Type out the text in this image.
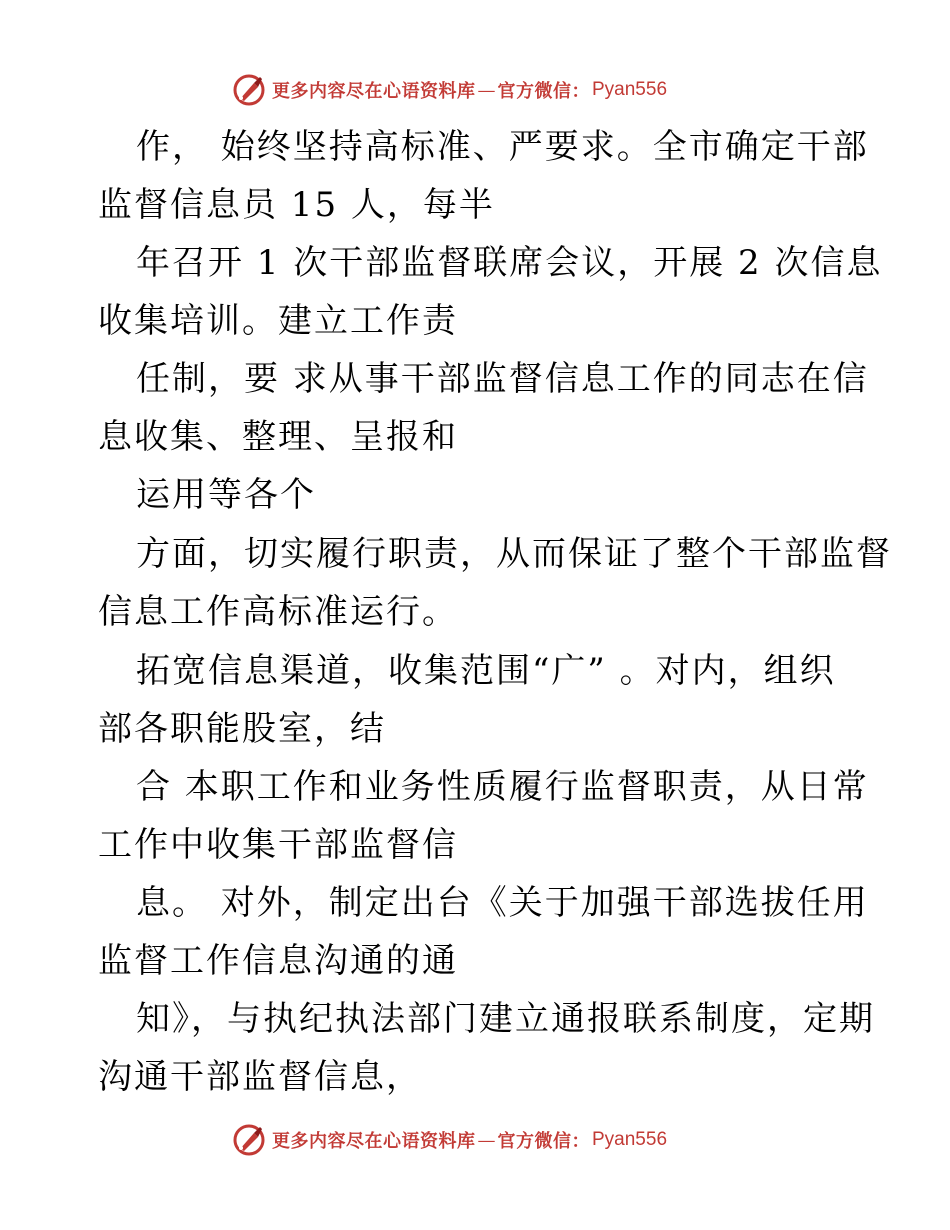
更多内容尽在心语资料库 — 官方微信： Pyan556
作， 始终坚持高标准、严要求。全市确定干部
监督信息员 15 人，每半
年召开 1 次干部监督联席会议，开展 2 次信息
收集培训。建立工作责
任制，要 求从事干部监督信息工作的同志在信
息收集、整理、呈报和
运用等各个
方面，切实履行职责，从而保证了整个干部监督
信息工作高标准运行。
拓宽信息渠道，收集范围“广” 。对内，组织
部各职能股室，结
合 本职工作和业务性质履行监督职责，从日常
工作中收集干部监督信
息。 对外，制定出台《关于加强干部选拔任用
监督工作信息沟通的通
知》，与执纪执法部门建立通报联系制度，定期
沟通干部监督信息，
更多内容尽在心语资料库 — 官方微信： Pyan556
